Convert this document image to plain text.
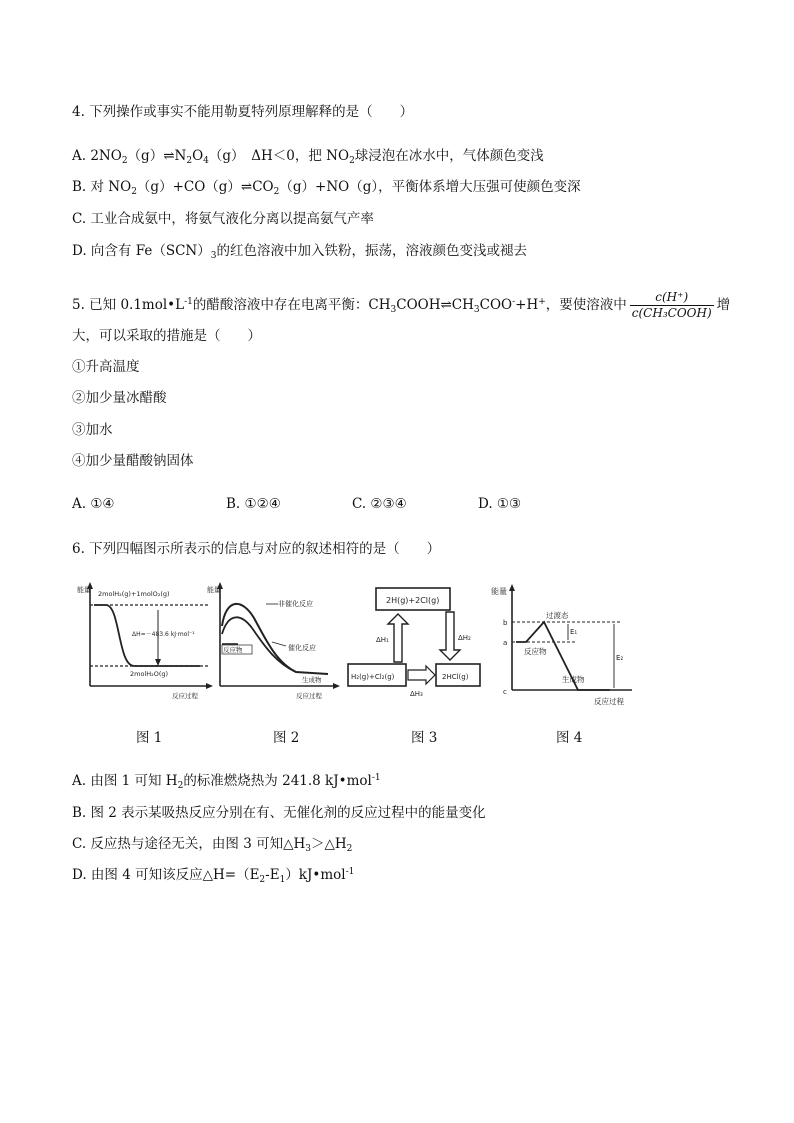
4. 下列操作或事实不能用勒夏特列原理解释的是（　　）
A. $2NO_2(g)\rightleftharpoons N_2O_4(g)$　ΔH＜0，把 $NO_2$球浸泡在冰水中，气体颜色变浅
B. 对 $NO_2(g)+CO(g)\rightleftharpoons CO_2(g)+NO(g)$，平衡体系增大压强可使颜色变深
C. 工业合成氨中，将氨气液化分离以提高氨气产率
D. 向含有 $Fe(SCN)_3$的红色溶液中加入铁粉，振荡，溶液颜色变浅或褪去
5. 已知 $0.1mol•L^{-1}$的醋酸溶液中存在电离平衡：$CH_3COOH\rightleftharpoons CH_3COO^-+H^+$，要使溶液中 $\frac{c(H^+)}{\text{c(CH₃COOH)}}$ 增
大，可以采取的措施是（　　）
①升高温度
②加少量冰醋酸
③加水
④加少量醋酸钠固体
A. ①④	B. ①②④	C. ②③④	D. ①③
6. 下列四幅图示所表示的信息与对应的叙述相符的是（　　）
能量 2molH₂(g)+1molO₂(g)
ΔH=－483.6 kJ·mol⁻¹
2molH₂O(g)
反应过程
能量
非催化反应
催化反应
反应物
生成物
反应过程
2H(g)+2Cl(g)
H₂(g)+Cl₂(g)	2HCl(g)
ΔH₁	ΔH₂
ΔH₃
能量
b
a
c
过渡态
E₁
反应物
生成物
E₂
反应过程
图 1	图 2	图 3	图 4
A. 由图 1 可知 $H_2$的标准燃烧热为 241.8 kJ•mol$^{-1}$
B. 图 2 表示某吸热反应分别在有、无催化剂的反应过程中的能量变化
C. 反应热与途径无关，由图 3 可知$\triangle H_3>\triangle H_2$
D. 由图 4 可知该反应$\triangle H=(E_2-E_1)kJ•mol^{-1}$
